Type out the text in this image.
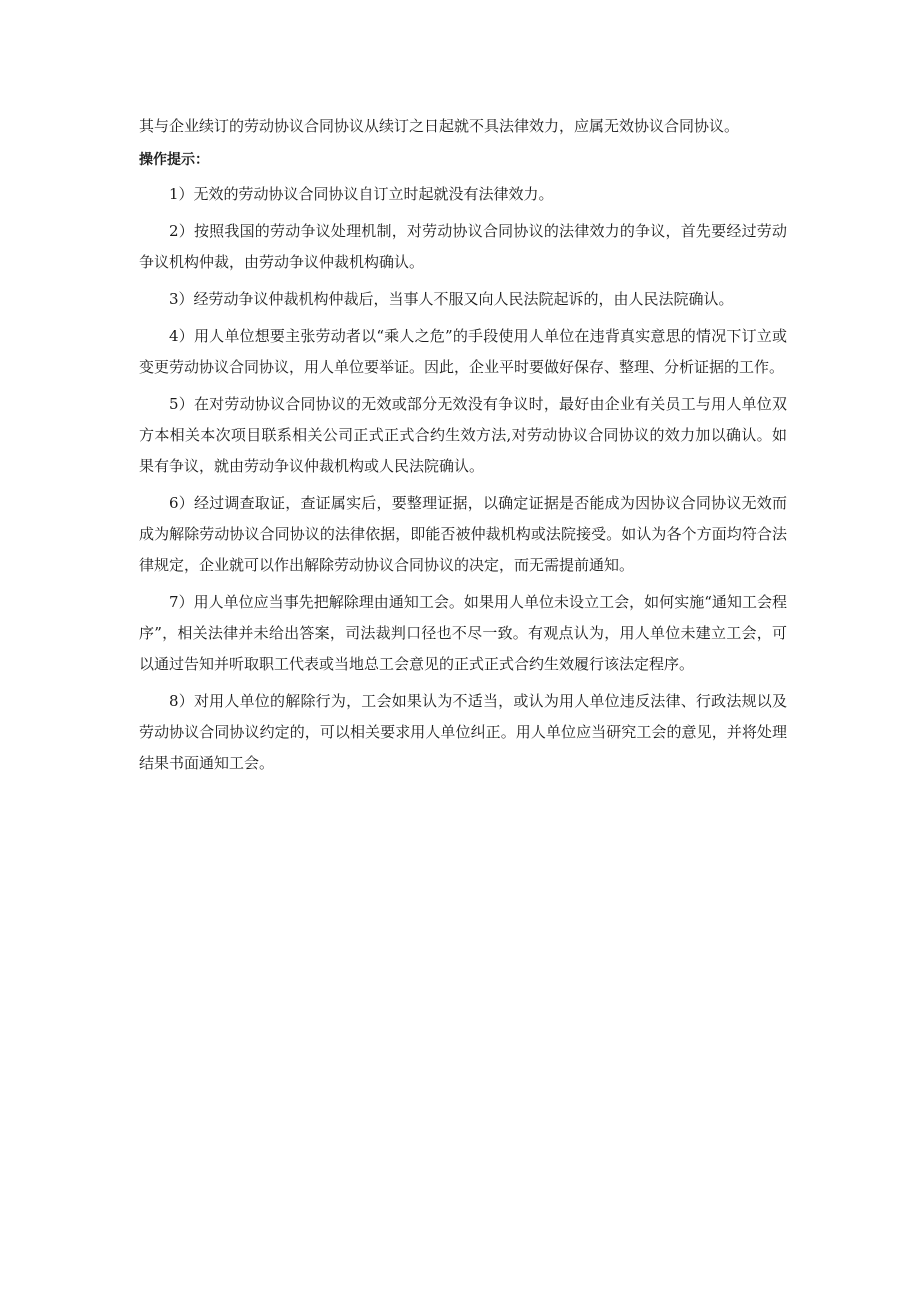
其与企业续订的劳动协议合同协议从续订之日起就不具法律效力，应属无效协议合同协议。

操作提示：

1）无效的劳动协议合同协议自订立时起就没有法律效力。

2）按照我国的劳动争议处理机制，对劳动协议合同协议的法律效力的争议，首先要经过劳动争议机构仲裁，由劳动争议仲裁机构确认。

3）经劳动争议仲裁机构仲裁后，当事人不服又向人民法院起诉的，由人民法院确认。

4）用人单位想要主张劳动者以“乘人之危”的手段使用人单位在违背真实意思的情况下订立或变更劳动协议合同协议，用人单位要举证。因此，企业平时要做好保存、整理、分析证据的工作。

5）在对劳动协议合同协议的无效或部分无效没有争议时，最好由企业有关员工与用人单位双方本相关本次项目联系相关公司正式正式合约生效方法,对劳动协议合同协议的效力加以确认。如果有争议，就由劳动争议仲裁机构或人民法院确认。

6）经过调查取证，查证属实后，要整理证据，以确定证据是否能成为因协议合同协议无效而成为解除劳动协议合同协议的法律依据，即能否被仲裁机构或法院接受。如认为各个方面均符合法律规定，企业就可以作出解除劳动协议合同协议的决定，而无需提前通知。

7）用人单位应当事先把解除理由通知工会。如果用人单位未设立工会，如何实施“通知工会程序”，相关法律并未给出答案，司法裁判口径也不尽一致。有观点认为，用人单位未建立工会，可以通过告知并听取职工代表或当地总工会意见的正式正式合约生效履行该法定程序。

8）对用人单位的解除行为，工会如果认为不适当，或认为用人单位违反法律、行政法规以及劳动协议合同协议约定的，可以相关要求用人单位纠正。用人单位应当研究工会的意见，并将处理结果书面通知工会。
